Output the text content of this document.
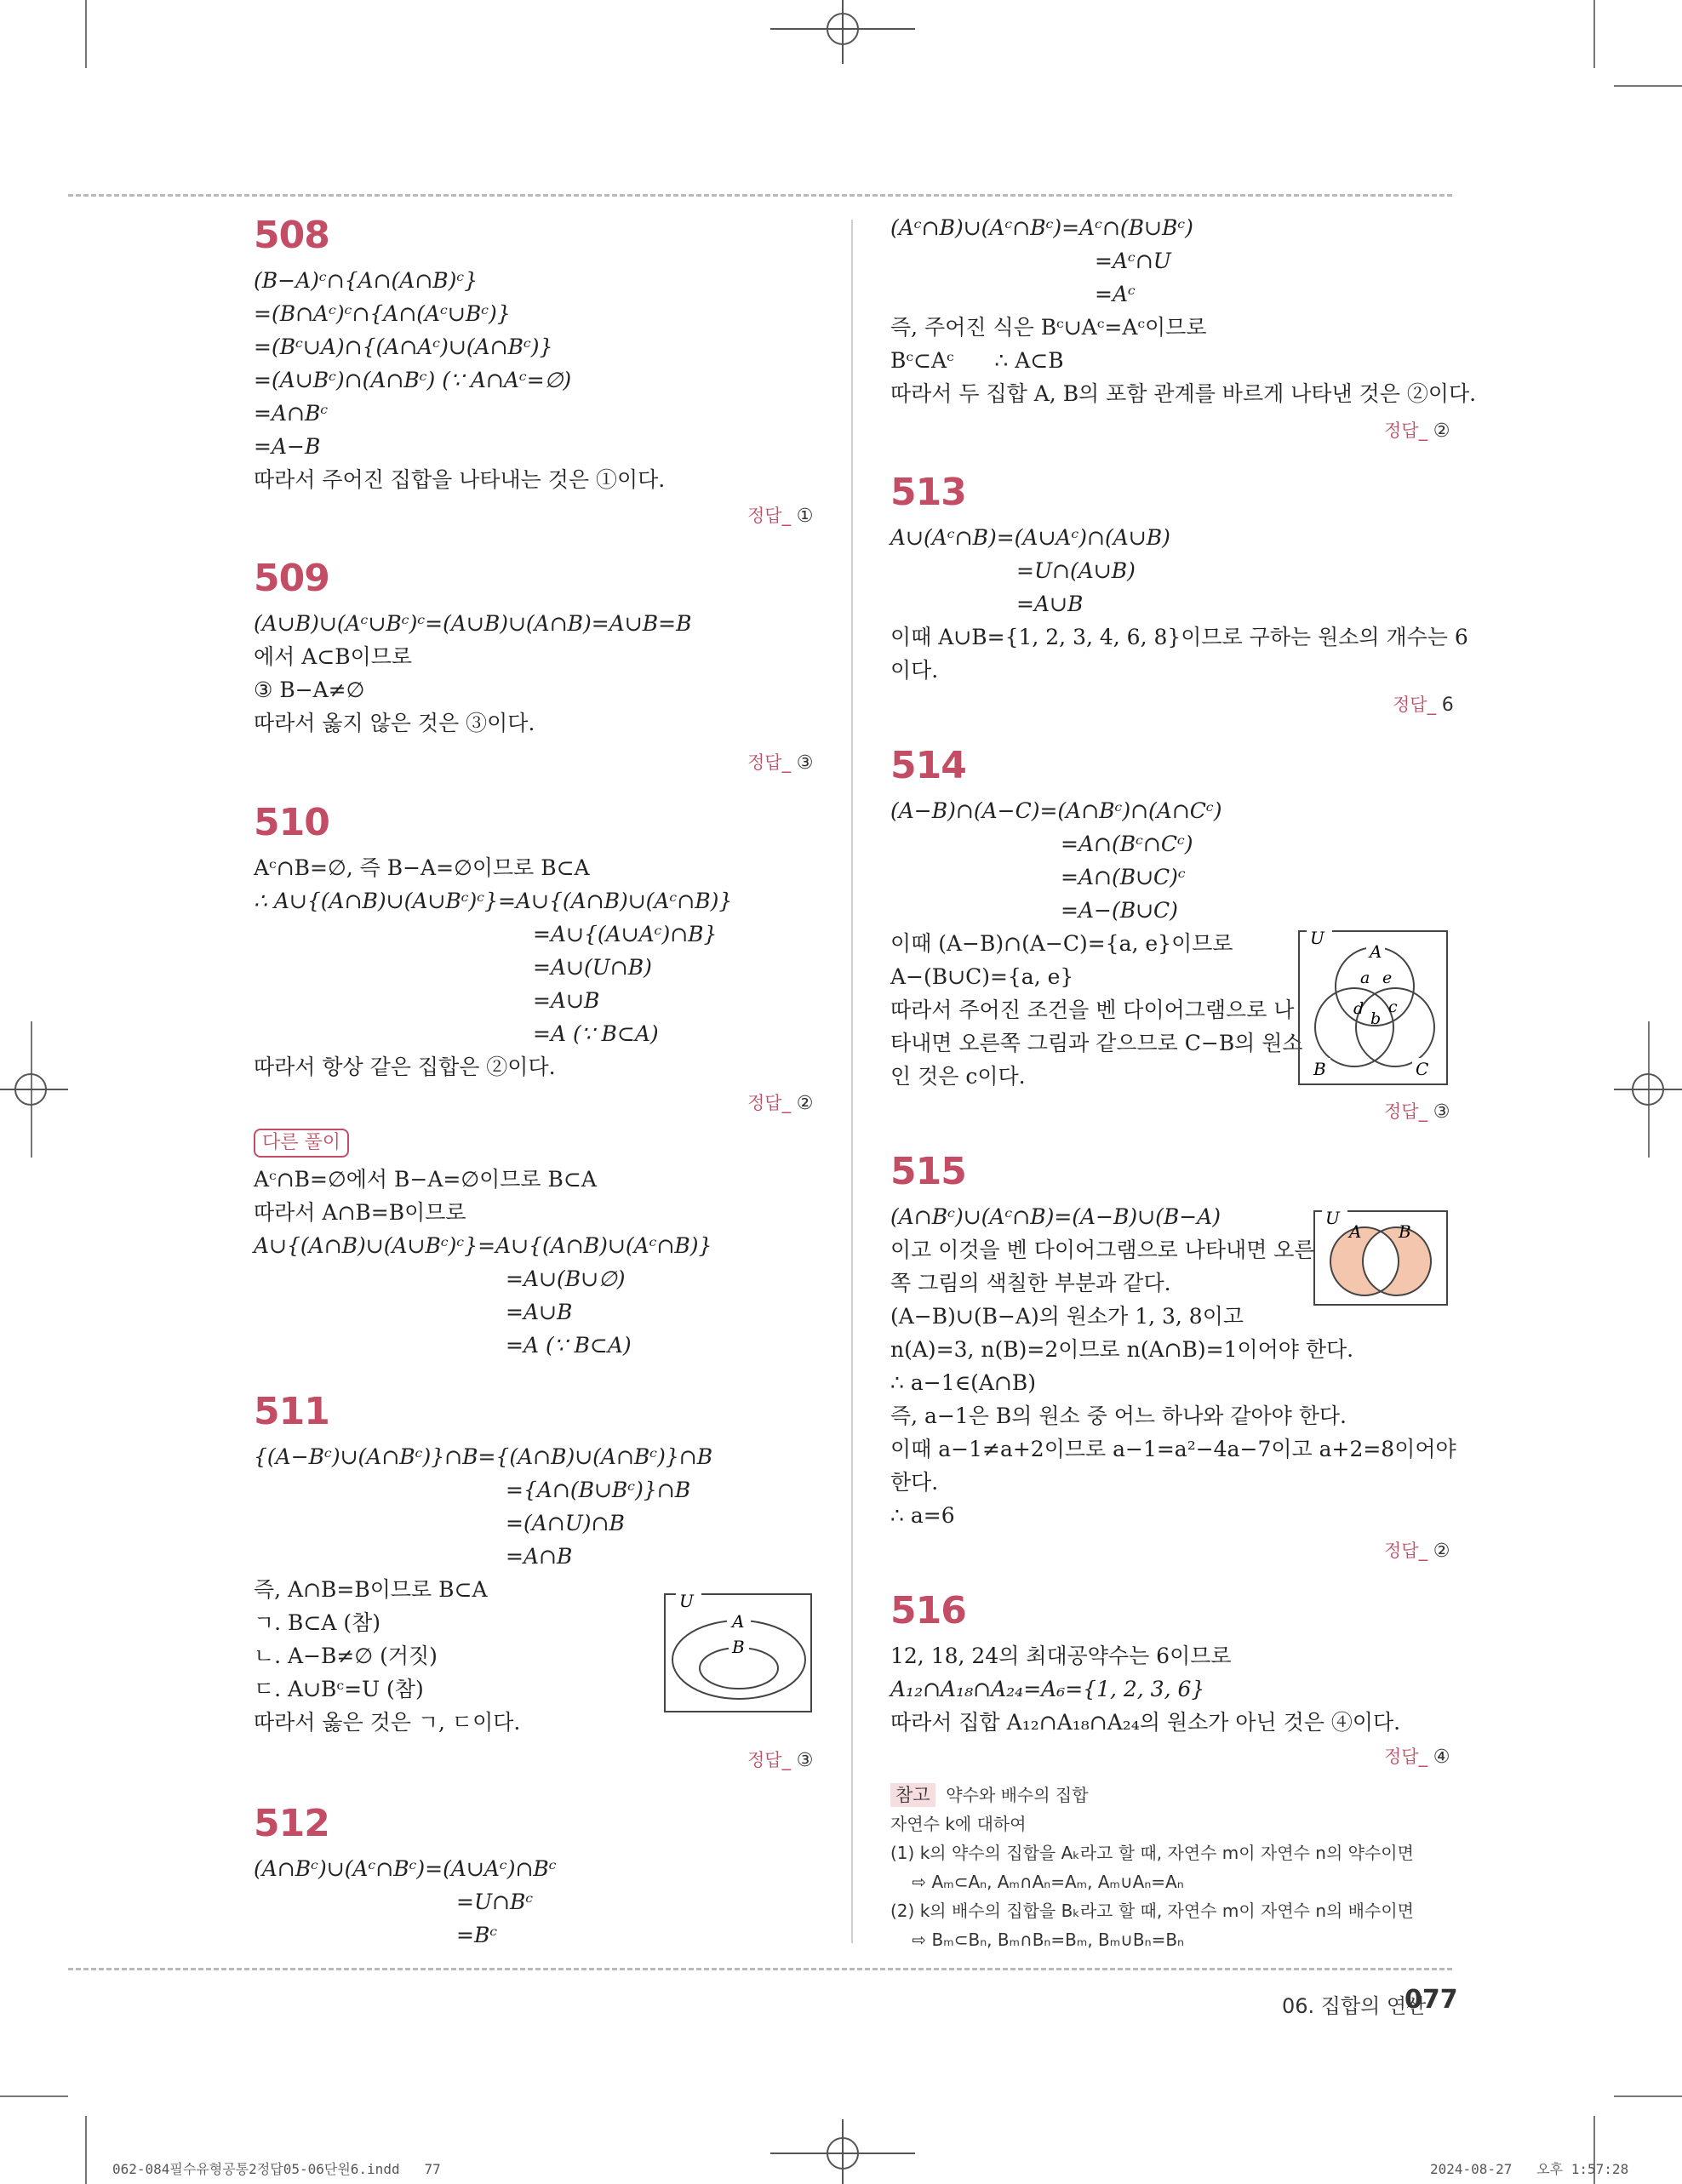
508
(B−A)ᶜ∩{A∩(A∩B)ᶜ}
=(B∩Aᶜ)ᶜ∩{A∩(Aᶜ∪Bᶜ)}
=(Bᶜ∪A)∩{(A∩Aᶜ)∪(A∩Bᶜ)}
=(A∪Bᶜ)∩(A∩Bᶜ) (∵ A∩Aᶜ=∅)
=A∩Bᶜ
=A−B
따라서 주어진 집합을 나타내는 것은 ①이다.
정답_ ①
509
(A∪B)∪(Aᶜ∪Bᶜ)ᶜ=(A∪B)∪(A∩B)=A∪B=B
에서 A⊂B이므로
③ B−A≠∅
따라서 옳지 않은 것은 ③이다.
정답_ ③
510
Aᶜ∩B=∅, 즉 B−A=∅이므로 B⊂A
∴ A∪{(A∩B)∪(A∪Bᶜ)ᶜ}=A∪{(A∩B)∪(Aᶜ∩B)}
=A∪{(A∪Aᶜ)∩B}
=A∪(U∩B)
=A∪B
=A (∵ B⊂A)
따라서 항상 같은 집합은 ②이다.
정답_ ②
다른 풀이
Aᶜ∩B=∅에서 B−A=∅이므로 B⊂A
따라서 A∩B=B이므로
A∪{(A∩B)∪(A∪Bᶜ)ᶜ}=A∪{(A∩B)∪(Aᶜ∩B)}
=A∪(B∪∅)
=A∪B
=A (∵ B⊂A)
511
{(A−Bᶜ)∪(A∩Bᶜ)}∩B={(A∩B)∪(A∩Bᶜ)}∩B
={A∩(B∪Bᶜ)}∩B
=(A∩U)∩B
=A∩B
즉, A∩B=B이므로 B⊂A
ㄱ. B⊂A (참)
ㄴ. A−B≠∅ (거짓)
ㄷ. A∪Bᶜ=U (참)
따라서 옳은 것은 ㄱ, ㄷ이다.
U
A
B
정답_ ③
512
(A∩Bᶜ)∪(Aᶜ∩Bᶜ)=(A∪Aᶜ)∩Bᶜ
=U∩Bᶜ
=Bᶜ
(Aᶜ∩B)∪(Aᶜ∩Bᶜ)=Aᶜ∩(B∪Bᶜ)
=Aᶜ∩U
=Aᶜ
즉, 주어진 식은 Bᶜ∪Aᶜ=Aᶜ이므로
Bᶜ⊂Aᶜ      ∴ A⊂B
따라서 두 집합 A, B의 포함 관계를 바르게 나타낸 것은 ②이다.
정답_ ②
513
A∪(Aᶜ∩B)=(A∪Aᶜ)∩(A∪B)
=U∩(A∪B)
=A∪B
이때 A∪B={1, 2, 3, 4, 6, 8}이므로 구하는 원소의 개수는 6
이다.
정답_ 6
514
(A−B)∩(A−C)=(A∩Bᶜ)∩(A∩Cᶜ)
=A∩(Bᶜ∩Cᶜ)
=A∩(B∪C)ᶜ
=A−(B∪C)
이때 (A−B)∩(A−C)={a, e}이므로
A−(B∪C)={a, e}
따라서 주어진 조건을 벤 다이어그램으로 나
타내면 오른쪽 그림과 같으므로 C−B의 원소
인 것은 c이다.
U
A
a e
d c
b
B	C
정답_ ③
515
(A∩Bᶜ)∪(Aᶜ∩B)=(A−B)∪(B−A)
이고 이것을 벤 다이어그램으로 나타내면 오른
쪽 그림의 색칠한 부분과 같다.
(A−B)∪(B−A)의 원소가 1, 3, 8이고
n(A)=3, n(B)=2이므로 n(A∩B)=1이어야 한다.
∴ a−1∈(A∩B)
즉, a−1은 B의 원소 중 어느 하나와 같아야 한다.
이때 a−1≠a+2이므로 a−1=a²−4a−7이고 a+2=8이어야
한다.
∴ a=6
U
A B
정답_ ②
516
12, 18, 24의 최대공약수는 6이므로
A₁₂∩A₁₈∩A₂₄=A₆={1, 2, 3, 6}
따라서 집합 A₁₂∩A₁₈∩A₂₄의 원소가 아닌 것은 ④이다.
정답_ ④
참고 약수와 배수의 집합
자연수 k에 대하여
(1) k의 약수의 집합을 Aₖ라고 할 때, 자연수 m이 자연수 n의 약수이면
⇨ Aₘ⊂Aₙ, Aₘ∩Aₙ=Aₘ, Aₘ∪Aₙ=Aₙ
(2) k의 배수의 집합을 Bₖ라고 할 때, 자연수 m이 자연수 n의 배수이면
⇨ Bₘ⊂Bₙ, Bₘ∩Bₙ=Bₘ, Bₘ∪Bₙ=Bₙ
06. 집합의 연산
077
062-084필수유형공통2정답05-06단원6.indd   77	2024-08-27   오후 1:57:28
